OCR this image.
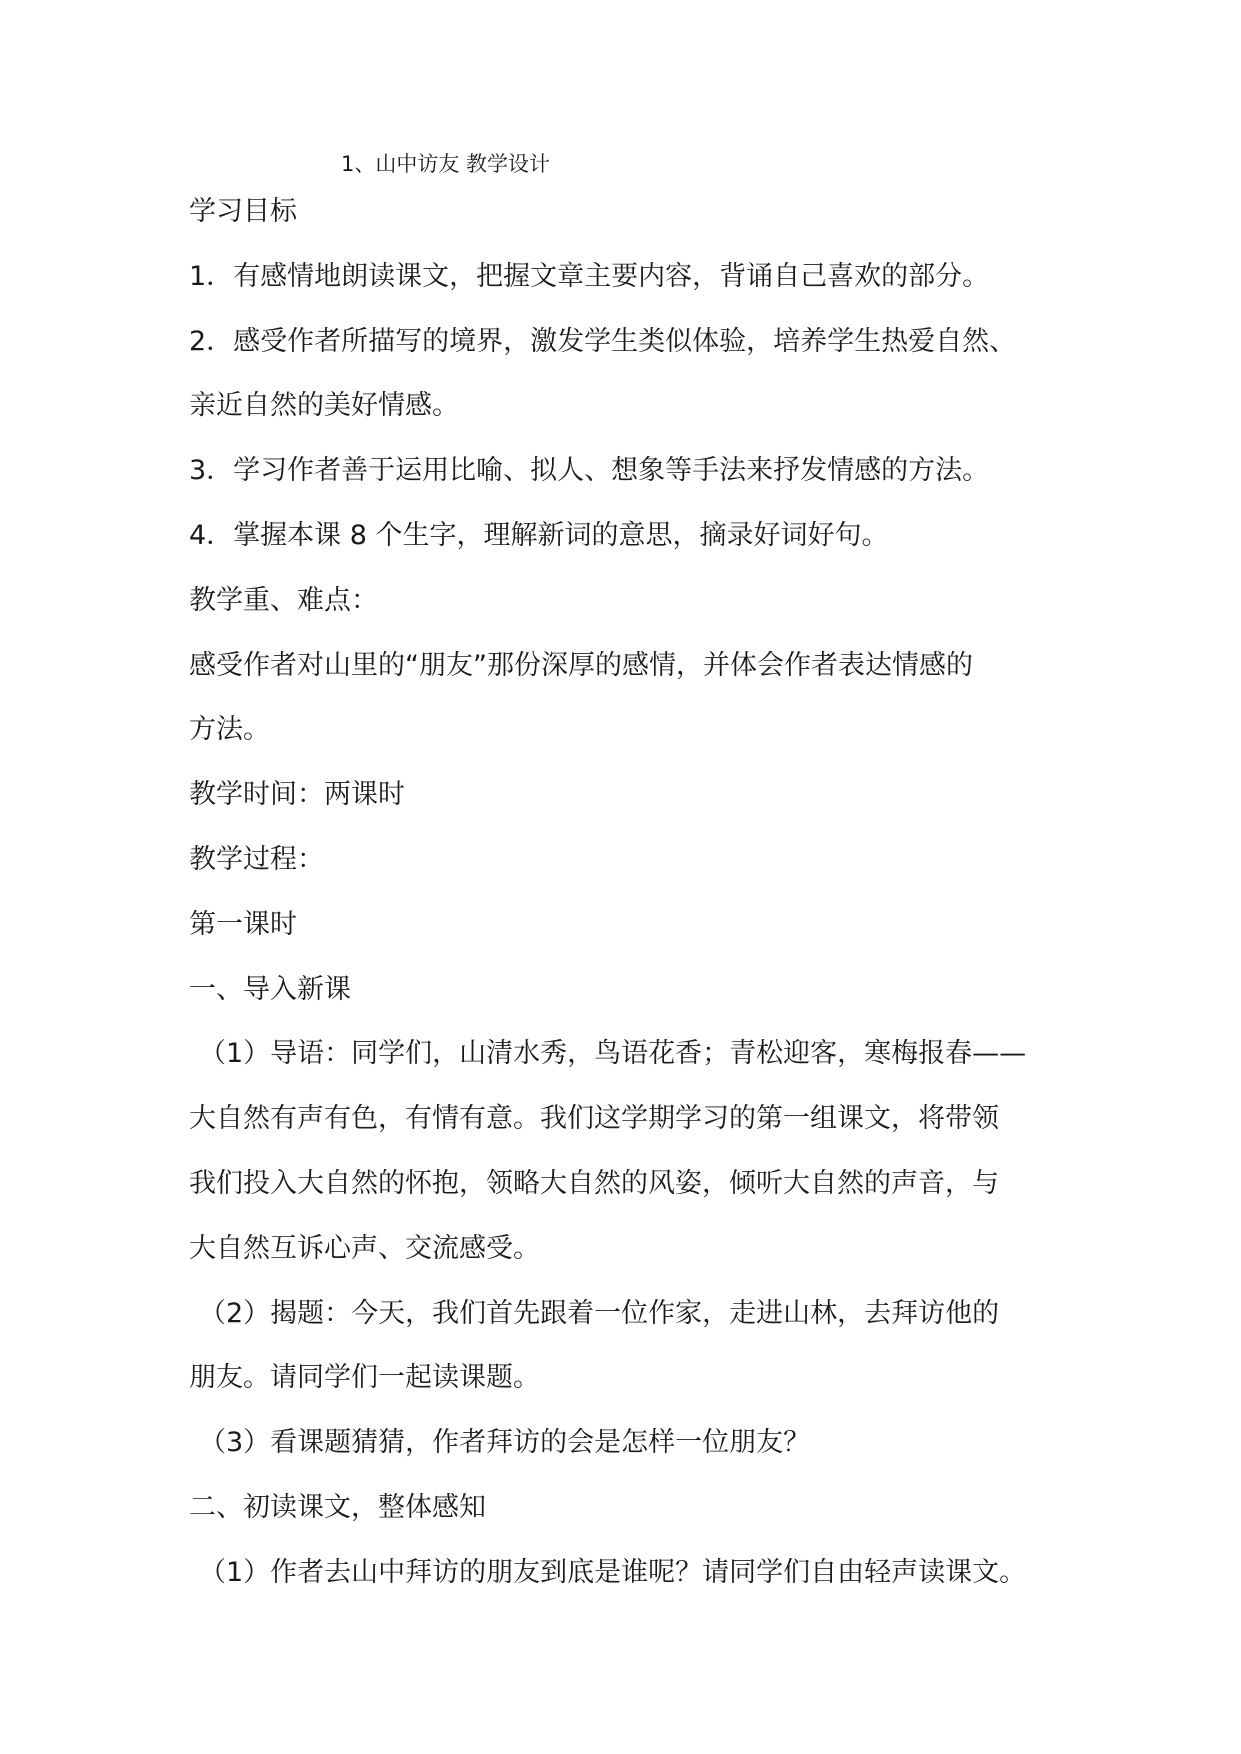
1、山中访友 教学设计
学习目标
1．有感情地朗读课文，把握文章主要内容，背诵自己喜欢的部分。
2．感受作者所描写的境界，激发学生类似体验，培养学生热爱自然、
亲近自然的美好情感。
3．学习作者善于运用比喻、拟人、想象等手法来抒发情感的方法。
4．掌握本课 8 个生字，理解新词的意思，摘录好词好句。
教学重、难点：
感受作者对山里的“朋友”那份深厚的感情，并体会作者表达情感的
方法。
教学时间：两课时
教学过程：
第一课时
一、导入新课
（1）导语：同学们，山清水秀，鸟语花香；青松迎客，寒梅报春——
大自然有声有色，有情有意。我们这学期学习的第一组课文，将带领
我们投入大自然的怀抱，领略大自然的风姿，倾听大自然的声音，与
大自然互诉心声、交流感受。
（2）揭题：今天，我们首先跟着一位作家，走进山林，去拜访他的
朋友。请同学们一起读课题。
（3）看课题猜猜，作者拜访的会是怎样一位朋友？
二、初读课文，整体感知
（1）作者去山中拜访的朋友到底是谁呢？请同学们自由轻声读课文。
